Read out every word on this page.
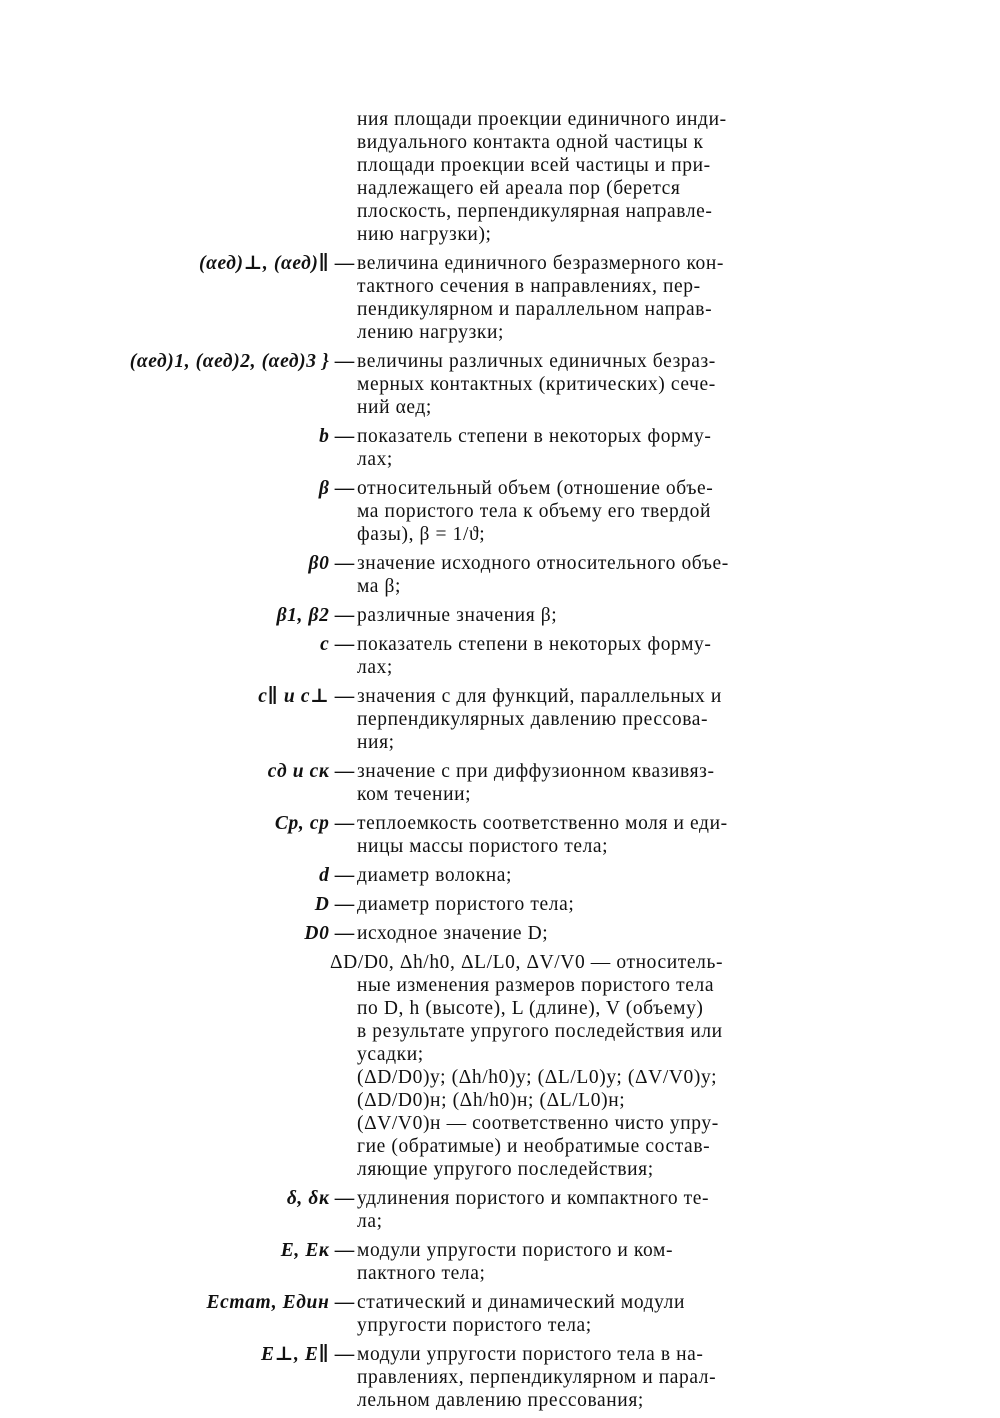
ния площади проекции единичного инди-
видуального контакта одной частицы к
площади проекции всей частицы и при-
надлежащего ей ареала пор (берется
плоскость, перпендикулярная направле-
нию нагрузки);
(αед)⊥, (αед)∥ — величина единичного безразмерного кон-
тактного сечения в направлениях, пер-
пендикулярном и параллельном направ-
лению нагрузки;
(αед)1, (αед)2, (αед)3 } — величины различных единичных безраз-
мерных контактных (критических) сече-
ний αед;
b — показатель степени в некоторых форму-
лах;
β — относительный объем (отношение объе-
ма пористого тела к объему его твердой
фазы), β = 1/ϑ;
β0 — значение исходного относительного объе-
ма β;
β1, β2 — различные значения β;
c — показатель степени в некоторых форму-
лах;
c∥ и c⊥ — значения c для функций, параллельных и
перпендикулярных давлению прессова-
ния;
cд и cк — значение c при диффузионном квазивяз-
ком течении;
Cp, cp — теплоемкость соответственно моля и еди-
ницы массы пористого тела;
d — диаметр волокна;
D — диаметр пористого тела;
D0 — исходное значение D;
ΔD/D0, Δh/h0, ΔL/L0, ΔV/V0 — относитель-
ные изменения размеров пористого тела
по D, h (высоте), L (длине), V (объему)
в результате упругого последействия или
усадки;
(ΔD/D0)у; (Δh/h0)у; (ΔL/L0)у; (ΔV/V0)у;
(ΔD/D0)н; (Δh/h0)н; (ΔL/L0)н;
(ΔV/V0)н — соответственно чисто упру-
гие (обратимые) и необратимые состав-
ляющие упругого последействия;
δ, δк — удлинения пористого и компактного те-
ла;
E, Eк — модули упругости пористого и ком-
пактного тела;
Eстат, Eдин — статический и динамический модули
упругости пористого тела;
E⊥, E∥ — модули упругости пористого тела в на-
правлениях, перпендикулярном и парал-
лельном давлению прессования;
